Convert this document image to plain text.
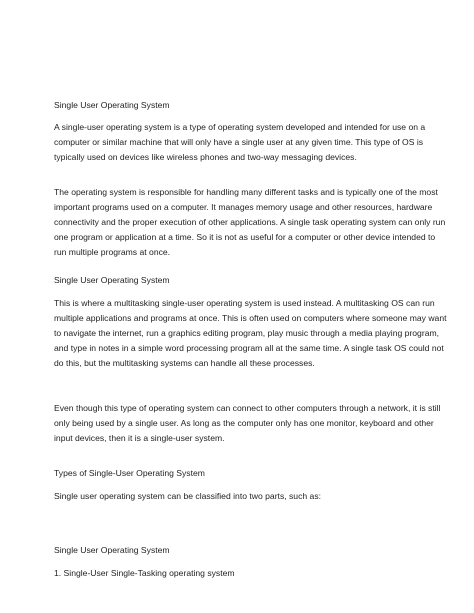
Single User Operating System

A single-user operating system is a type of operating system developed and intended for use on a
computer or similar machine that will only have a single user at any given time. This type of OS is
typically used on devices like wireless phones and two-way messaging devices.

The operating system is responsible for handling many different tasks and is typically one of the most
important programs used on a computer. It manages memory usage and other resources, hardware
connectivity and the proper execution of other applications. A single task operating system can only run
one program or application at a time. So it is not as useful for a computer or other device intended to
run multiple programs at once.

Single User Operating System

This is where a multitasking single-user operating system is used instead. A multitasking OS can run
multiple applications and programs at once. This is often used on computers where someone may want
to navigate the internet, run a graphics editing program, play music through a media playing program,
and type in notes in a simple word processing program all at the same time. A single task OS could not
do this, but the multitasking systems can handle all these processes.

Even though this type of operating system can connect to other computers through a network, it is still
only being used by a single user. As long as the computer only has one monitor, keyboard and other
input devices, then it is a single-user system.

Types of Single-User Operating System

Single user operating system can be classified into two parts, such as:

Single User Operating System

1. Single-User Single-Tasking operating system
